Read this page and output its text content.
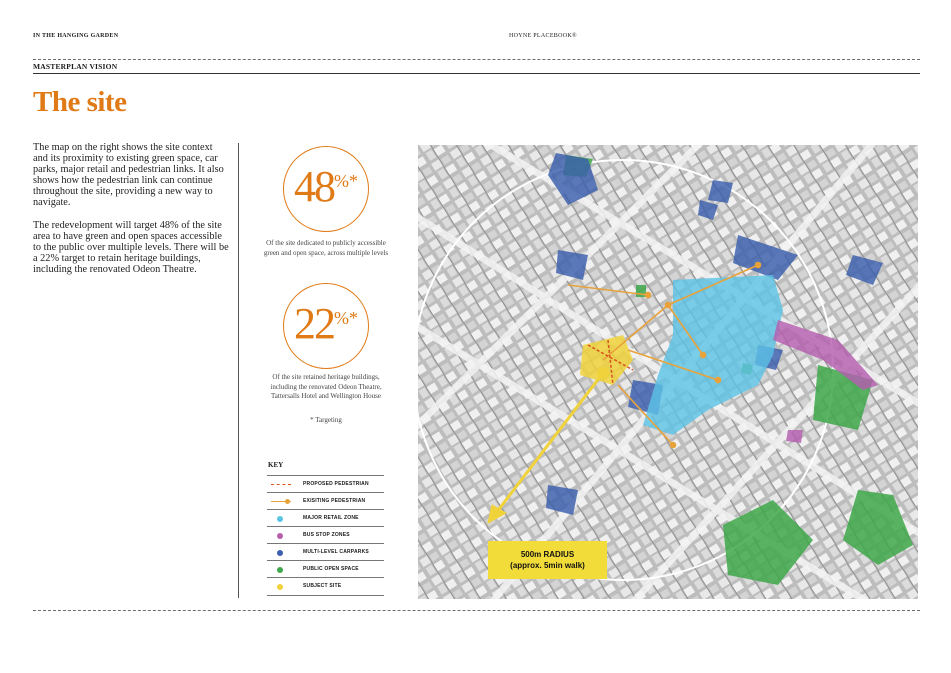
IN THE HANGING GARDEN	HOYNE PLACEBOOK®
MASTERPLAN VISION
The site
The map on the right shows the site context and its proximity to existing green space, car parks, major retail and pedestrian links. It also shows how the pedestrian link can continue throughout the site, providing a new way to navigate.
The redevelopment will target 48% of the site area to have green and open spaces accessible to the public over multiple levels. There will be a 22% target to retain heritage buildings, including the renovated Odeon Theatre.
48%*
Of the site dedicated to publicly accessible green and open space, across multiple levels
22%*
Of the site retained heritage buildings, including the renovated Odeon Theatre, Tattersalls Hotel and Wellington House
* Targeting
KEY
PROPOSED PEDESTRIAN
EXISITING PEDESTRIAN
MAJOR RETAIL ZONE
BUS STOP ZONES
MULTI-LEVEL CARPARKS
PUBLIC OPEN SPACE
SUBJECT SITE
500m RADIUS
(approx. 5min walk)
